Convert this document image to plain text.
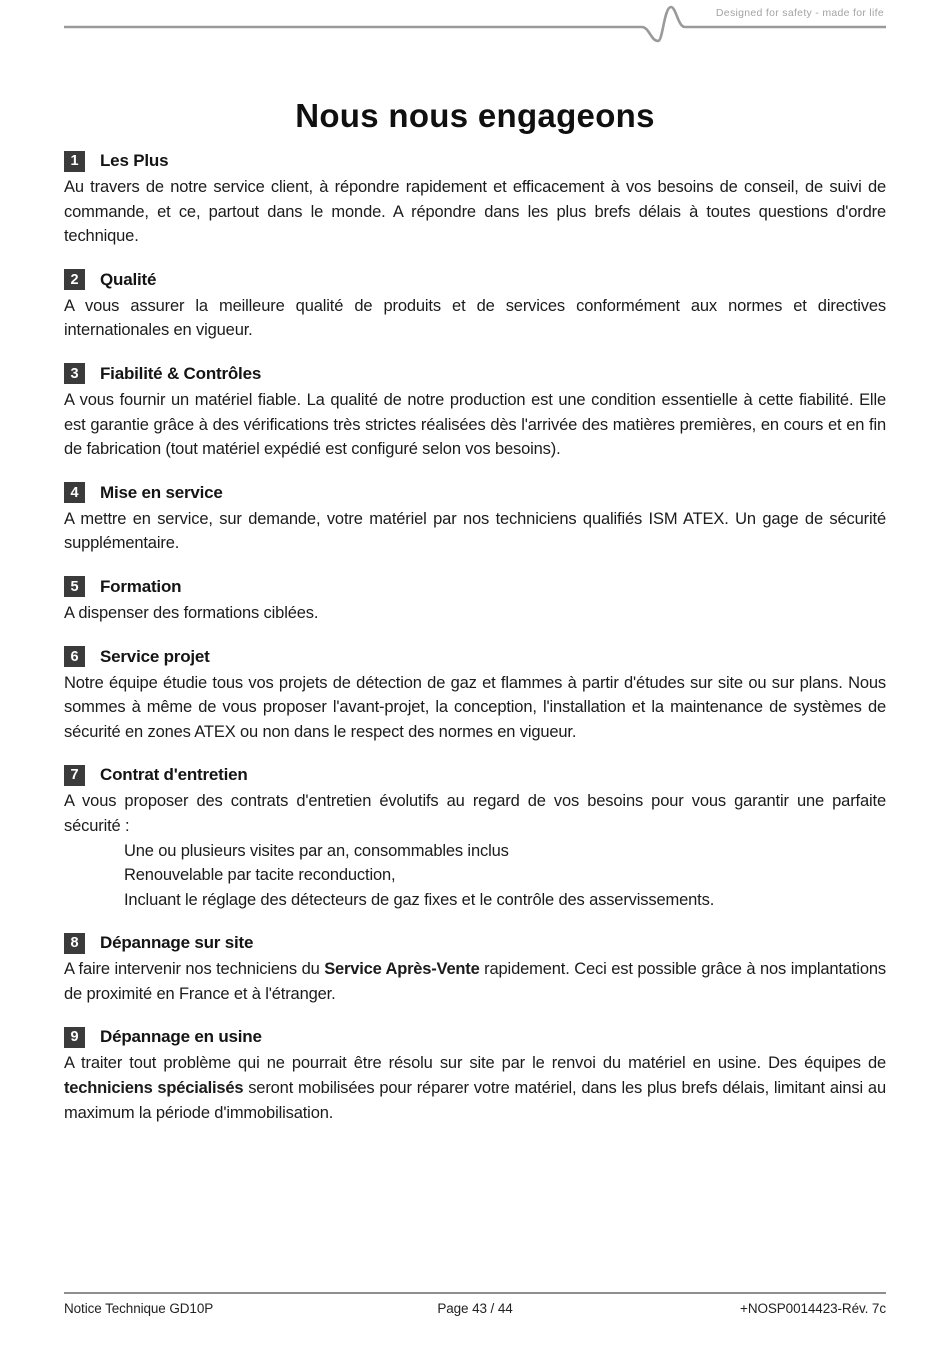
Designed for safety - made for life
Nous nous engageons
1	Les Plus

Au travers de notre service client, à répondre rapidement et efficacement à vos besoins de conseil, de suivi de commande, et ce, partout dans le monde. A répondre dans les plus brefs délais à toutes questions d'ordre technique.

2	Qualité

A vous assurer la meilleure qualité de produits et de services conformément aux normes et directives internationales en vigueur.

3	Fiabilité & Contrôles

A vous fournir un matériel fiable. La qualité de notre production est une condition essentielle à cette fiabilité. Elle est garantie grâce à des vérifications très strictes réalisées dès l'arrivée des matières premières, en cours et en fin de fabrication (tout matériel expédié est configuré selon vos besoins).

4	Mise en service

A mettre en service, sur demande, votre matériel par nos techniciens qualifiés ISM ATEX. Un gage de sécurité supplémentaire.

5	Formation

A dispenser des formations ciblées.

6	Service projet

Notre équipe étudie tous vos projets de détection de gaz et flammes à partir d'études sur site ou sur plans. Nous sommes à même de vous proposer l'avant-projet, la conception, l'installation et la maintenance de systèmes de sécurité en zones ATEX ou non dans le respect des normes en vigueur.

7	Contrat d'entretien

A vous proposer des contrats d'entretien évolutifs au regard de vos besoins pour vous garantir une parfaite sécurité :

Une ou plusieurs visites par an, consommables inclus
Renouvelable par tacite reconduction,
Incluant le réglage des détecteurs de gaz fixes et le contrôle des asservissements.
8	Dépannage sur site

A faire intervenir nos techniciens du Service Après-Vente rapidement. Ceci est possible grâce à nos implantations de proximité en France et à l'étranger.

9	Dépannage en usine

A traiter tout problème qui ne pourrait être résolu sur site par le renvoi du matériel en usine. Des équipes de techniciens spécialisés seront mobilisées pour réparer votre matériel, dans les plus brefs délais, limitant ainsi au maximum la période d'immobilisation.

Notice Technique GD10P	Page 43 / 44	+NOSP0014423-Rév. 7c
